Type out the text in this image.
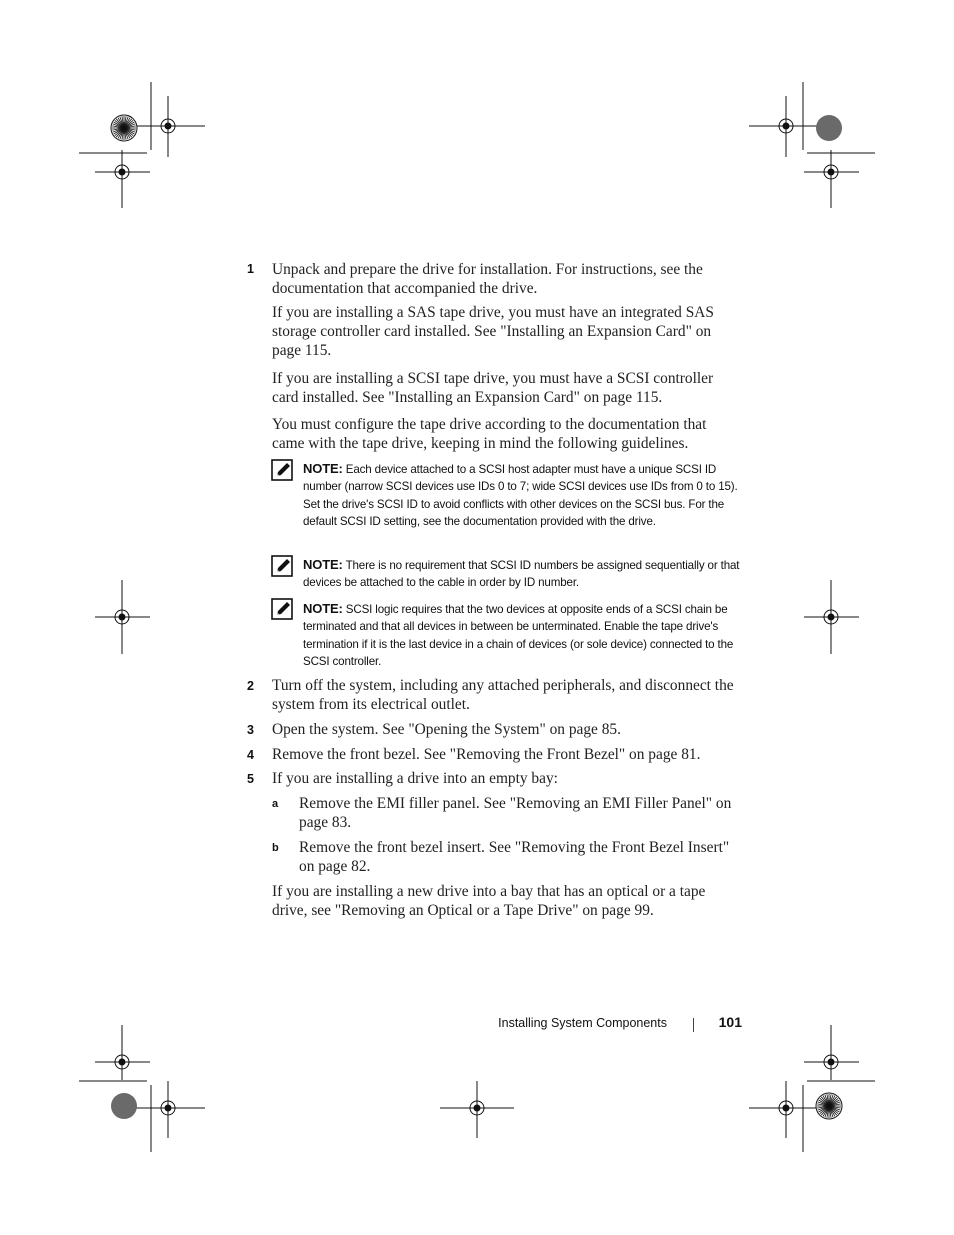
1 Unpack and prepare the drive for installation. For instructions, see the documentation that accompanied the drive.
If you are installing a SAS tape drive, you must have an integrated SAS storage controller card installed. See "Installing an Expansion Card" on page 115.
If you are installing a SCSI tape drive, you must have a SCSI controller card installed. See "Installing an Expansion Card" on page 115.
You must configure the tape drive according to the documentation that came with the tape drive, keeping in mind the following guidelines.
NOTE: Each device attached to a SCSI host adapter must have a unique SCSI ID number (narrow SCSI devices use IDs 0 to 7; wide SCSI devices use IDs from 0 to 15). Set the drive's SCSI ID to avoid conflicts with other devices on the SCSI bus. For the default SCSI ID setting, see the documentation provided with the drive.
NOTE: There is no requirement that SCSI ID numbers be assigned sequentially or that devices be attached to the cable in order by ID number.
NOTE: SCSI logic requires that the two devices at opposite ends of a SCSI chain be terminated and that all devices in between be unterminated. Enable the tape drive's termination if it is the last device in a chain of devices (or sole device) connected to the SCSI controller.
2 Turn off the system, including any attached peripherals, and disconnect the system from its electrical outlet.
3 Open the system. See "Opening the System" on page 85.
4 Remove the front bezel. See "Removing the Front Bezel" on page 81.
5 If you are installing a drive into an empty bay:
a Remove the EMI filler panel. See "Removing an EMI Filler Panel" on page 83.
b Remove the front bezel insert. See "Removing the Front Bezel Insert" on page 82.
If you are installing a new drive into a bay that has an optical or a tape drive, see "Removing an Optical or a Tape Drive" on page 99.
Installing System Components	101
